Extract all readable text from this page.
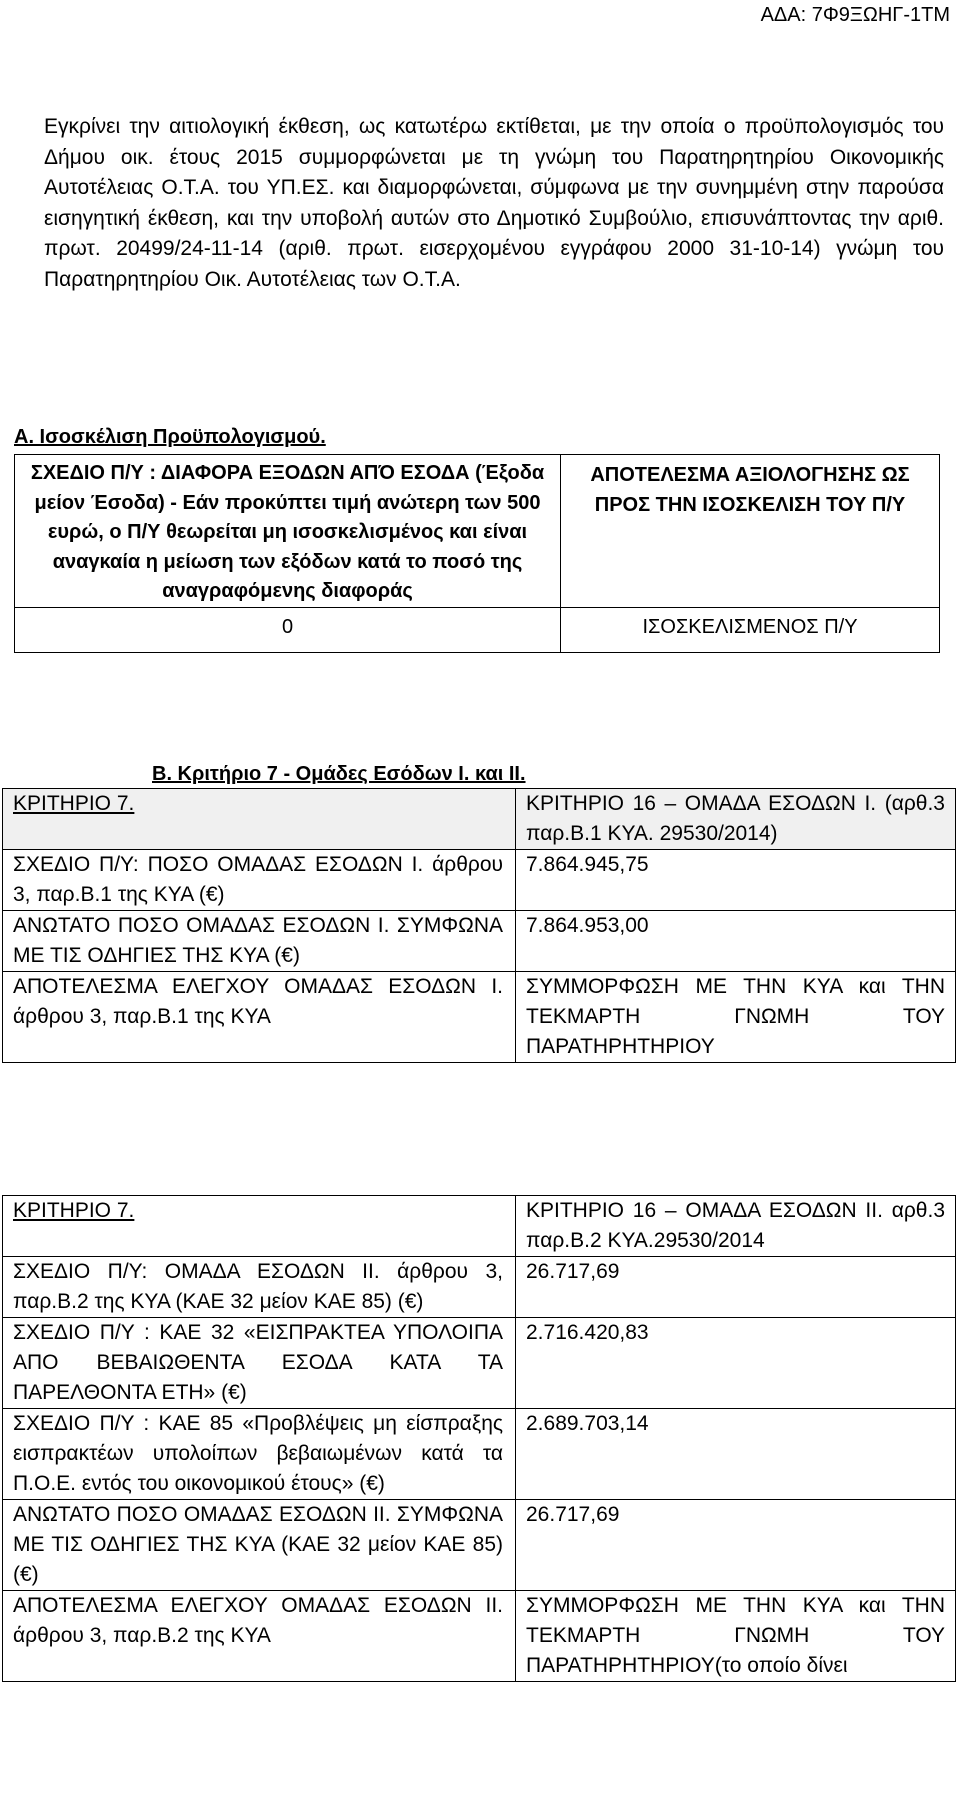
ΑΔΑ: 7Φ9ΞΩΗΓ-1ΤΜ
Εγκρίνει την αιτιολογική έκθεση, ως κατωτέρω εκτίθεται, με την οποία ο προϋπολογισμός του Δήμου οικ. έτους 2015 συμμορφώνεται με τη γνώμη του Παρατηρητηρίου Οικονομικής Αυτοτέλειας Ο.Τ.Α. του ΥΠ.ΕΣ. και διαμορφώνεται, σύμφωνα με την συνημμένη στην παρούσα εισηγητική έκθεση, και την υποβολή αυτών στο Δημοτικό Συμβούλιο, επισυνάπτοντας την αριθ. πρωτ. 20499/24-11-14 (αριθ. πρωτ. εισερχομένου εγγράφου 2000 31-10-14) γνώμη του Παρατηρητηρίου Οικ. Αυτοτέλειας των Ο.Τ.Α.
Α. Ισοσκέλιση Προϋπολογισμού.
ΣΧΕΔΙΟ Π/Υ : ΔΙΑΦΟΡΑ ΕΞΟΔΩΝ ΑΠΌ ΕΣΟΔΑ (Έξοδα μείον Έσοδα) - Εάν προκύπτει τιμή ανώτερη των 500 ευρώ, ο Π/Υ θεωρείται μη ισοσκελισμένος και είναι αναγκαία η μείωση των εξόδων κατά το ποσό της αναγραφόμενης διαφοράς	ΑΠΟΤΕΛΕΣΜΑ ΑΞΙΟΛΟΓΗΣΗΣ ΩΣ ΠΡΟΣ ΤΗΝ ΙΣΟΣΚΕΛΙΣΗ ΤΟΥ Π/Υ
0	ΙΣΟΣΚΕΛΙΣΜΕΝΟΣ Π/Υ
Β. Κριτήριο 7 - Ομάδες Εσόδων Ι. και ΙΙ.
ΚΡΙΤΗΡΙΟ 7.	ΚΡΙΤΗΡΙΟ 16 – ΟΜΑΔΑ ΕΣΟΔΩΝ Ι. (αρθ.3 παρ.Β.1 ΚΥΑ. 29530/2014)
ΣΧΕΔΙΟ Π/Υ: ΠΟΣΟ ΟΜΑΔΑΣ ΕΣΟΔΩΝ Ι. άρθρου 3, παρ.Β.1 της ΚΥΑ (€)	7.864.945,75
ΑΝΩΤΑΤΟ ΠΟΣΟ ΟΜΑΔΑΣ ΕΣΟΔΩΝ Ι. ΣΥΜΦΩΝΑ ΜΕ ΤΙΣ ΟΔΗΓΙΕΣ ΤΗΣ ΚΥΑ (€)	7.864.953,00
ΑΠΟΤΕΛΕΣΜΑ ΕΛΕΓΧΟΥ ΟΜΑΔΑΣ ΕΣΟΔΩΝ Ι. άρθρου 3, παρ.Β.1 της ΚΥΑ	ΣΥΜΜΟΡΦΩΣΗ ΜΕ ΤΗΝ ΚΥΑ και ΤΗΝ ΤΕΚΜΑΡΤΗ ΓΝΩΜΗ ΤΟΥ ΠΑΡΑΤΗΡΗΤΗΡΙΟΥ
ΚΡΙΤΗΡΙΟ 7.	ΚΡΙΤΗΡΙΟ 16 – ΟΜΑΔΑ ΕΣΟΔΩΝ ΙΙ. αρθ.3 παρ.Β.2 ΚΥΑ.29530/2014
ΣΧΕΔΙΟ Π/Υ: ΟΜΑΔΑ ΕΣΟΔΩΝ ΙΙ. άρθρου 3, παρ.Β.2 της ΚΥΑ (ΚΑΕ 32 μείον ΚΑΕ 85) (€)	26.717,69
ΣΧΕΔΙΟ Π/Υ : ΚΑΕ 32 «ΕΙΣΠΡΑΚΤΕΑ ΥΠΟΛΟΙΠΑ ΑΠΟ ΒΕΒΑΙΩΘΕΝΤΑ ΕΣΟΔΑ ΚΑΤΑ ΤΑ ΠΑΡΕΛΘΟΝΤΑ ΕΤΗ» (€)	2.716.420,83
ΣΧΕΔΙΟ Π/Υ : ΚΑΕ 85 «Προβλέψεις μη είσπραξης εισπρακτέων υπολοίπων βεβαιωμένων κατά τα Π.Ο.Ε. εντός του οικονομικού έτους» (€)	2.689.703,14
ΑΝΩΤΑΤΟ ΠΟΣΟ ΟΜΑΔΑΣ ΕΣΟΔΩΝ ΙΙ. ΣΥΜΦΩΝΑ ΜΕ ΤΙΣ ΟΔΗΓΙΕΣ ΤΗΣ ΚΥΑ (ΚΑΕ 32 μείον ΚΑΕ 85) (€)	26.717,69
ΑΠΟΤΕΛΕΣΜΑ ΕΛΕΓΧΟΥ ΟΜΑΔΑΣ ΕΣΟΔΩΝ ΙΙ. άρθρου 3, παρ.Β.2 της ΚΥΑ	ΣΥΜΜΟΡΦΩΣΗ ΜΕ ΤΗΝ ΚΥΑ και ΤΗΝ ΤΕΚΜΑΡΤΗ ΓΝΩΜΗ ΤΟΥ ΠΑΡΑΤΗΡΗΤΗΡΙΟΥ(το οποίο δίνει
